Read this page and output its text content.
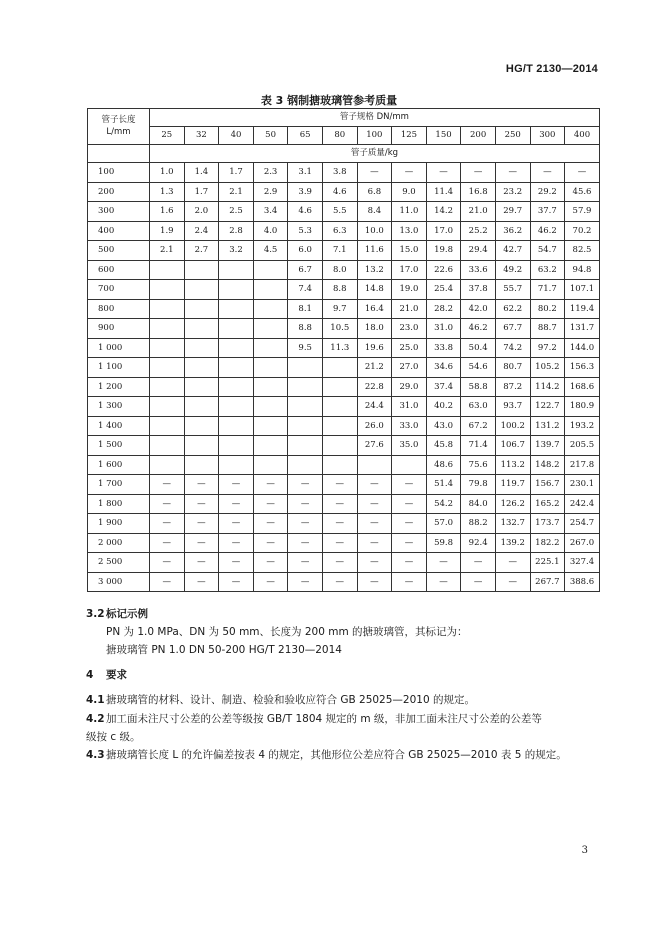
HG/T 2130—2014
表 3 钢制搪玻璃管参考质量
管子长度
L/mm	管子规格 DN/mm												
	25	32	40	50	65	80	100	125	150	200	250	300	400
	管子质量/kg												
100	1.0	1.4	1.7	2.3	3.1	3.8	—	—	—	—	—	—	—
200	1.3	1.7	2.1	2.9	3.9	4.6	6.8	9.0	11.4	16.8	23.2	29.2	45.6
300	1.6	2.0	2.5	3.4	4.6	5.5	8.4	11.0	14.2	21.0	29.7	37.7	57.9
400	1.9	2.4	2.8	4.0	5.3	6.3	10.0	13.0	17.0	25.2	36.2	46.2	70.2
500	2.1	2.7	3.2	4.5	6.0	7.1	11.6	15.0	19.8	29.4	42.7	54.7	82.5
600					6.7	8.0	13.2	17.0	22.6	33.6	49.2	63.2	94.8
700					7.4	8.8	14.8	19.0	25.4	37.8	55.7	71.7	107.1
800					8.1	9.7	16.4	21.0	28.2	42.0	62.2	80.2	119.4
900					8.8	10.5	18.0	23.0	31.0	46.2	67.7	88.7	131.7
1 000					9.5	11.3	19.6	25.0	33.8	50.4	74.2	97.2	144.0
1 100							21.2	27.0	34.6	54.6	80.7	105.2	156.3
1 200							22.8	29.0	37.4	58.8	87.2	114.2	168.6
1 300							24.4	31.0	40.2	63.0	93.7	122.7	180.9
1 400							26.0	33.0	43.0	67.2	100.2	131.2	193.2
1 500							27.6	35.0	45.8	71.4	106.7	139.7	205.5
1 600									48.6	75.6	113.2	148.2	217.8
1 700	—	—	—	—	—	—	—	—	51.4	79.8	119.7	156.7	230.1
1 800	—	—	—	—	—	—	—	—	54.2	84.0	126.2	165.2	242.4
1 900	—	—	—	—	—	—	—	—	57.0	88.2	132.7	173.7	254.7
2 000	—	—	—	—	—	—	—	—	59.8	92.4	139.2	182.2	267.0
2 500	—	—	—	—	—	—	—	—	—	—	—	225.1	327.4
3 000	—	—	—	—	—	—	—	—	—	—	—	267.7	388.6
3.2标记示例
PN 为 1.0 MPa、DN 为 50 mm、长度为 200 mm 的搪玻璃管，其标记为：
搪玻璃管 PN 1.0 DN 50-200 HG/T 2130—2014
4 要求
4.1搪玻璃管的材料、设计、制造、检验和验收应符合 GB 25025—2010 的规定。
4.2加工面未注尺寸公差的公差等级按 GB/T 1804 规定的 m 级，非加工面未注尺寸公差的公差等
级按 c 级。
4.3搪玻璃管长度 L 的允许偏差按表 4 的规定，其他形位公差应符合 GB 25025—2010 表 5 的规定。
3
